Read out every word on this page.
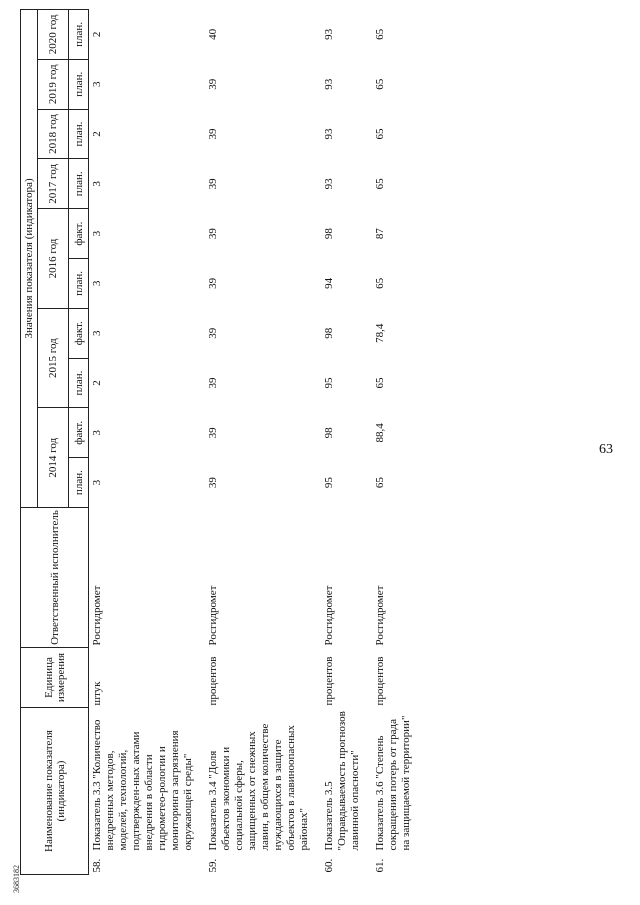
63
3683182
Наименование показателя (индикатора)		Единица измерения	Ответственный исполнитель	Значения показателя (индикатора)									
				2014 год		2015 год		2016 год		2017 год	2018 год	2019 год	2020 год
				план.	факт.	план.	факт.	план.	факт.	план.	план.	план.	план.
58.	Показатель 3.3 "Количество внедренных методов, моделей, технологий, подтвержден-ных актами внедрения в области гидрометео-рологии и мониторинга загрязнения окружающей среды"	штук	Росгидромет	3	3	2	3	3	3	3	2	3	2
59.	Показатель 3.4 "Доля объектов экономики и социальной сферы, защищенных от снежных лавин, в общем количестве нуждающихся в защите объектов в лавиноопасных районах"	процентов	Росгидромет	39	39	39	39	39	39	39	39	39	40
60.	Показатель 3.5 "Оправдываемость прогнозов лавинной опасности"	процентов	Росгидромет	95	98	95	98	94	98	93	93	93	93
61.	Показатель 3.6 "Степень сокращения потерь от града на защищаемой территории"	процентов	Росгидромет	65	88,4	65	78,4	65	87	65	65	65	65
